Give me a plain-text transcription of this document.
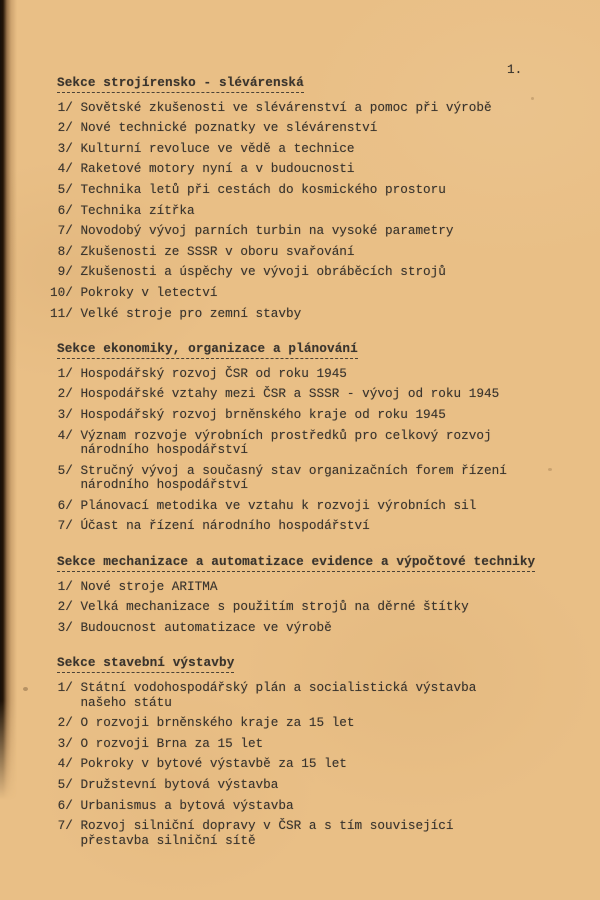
1.
Sekce strojírensko - slévárenská
1/ Sovětské zkušenosti ve slévárenství a pomoc při výrobě
2/ Nové technické poznatky ve slévárenství
3/ Kulturní revoluce ve vědě a technice
4/ Raketové motory nyní a v budoucnosti
5/ Technika letů při cestách do kosmického prostoru
6/ Technika zítřka
7/ Novodobý vývoj parních turbin na vysoké parametry
8/ Zkušenosti ze SSSR v oboru svařování
9/ Zkušenosti a úspěchy ve vývoji obráběcích strojů
10/ Pokroky v letectví
11/ Velké stroje pro zemní stavby
Sekce ekonomiky, organizace a plánování
1/ Hospodářský rozvoj ČSR od roku 1945
2/ Hospodářské vztahy mezi ČSR a SSSR - vývoj od roku 1945
3/ Hospodářský rozvoj brněnského kraje od roku 1945
4/ Význam rozvoje výrobních prostředků pro celkový rozvoj národního hospodářství
5/ Stručný vývoj a současný stav organizačních forem řízení národního hospodářství
6/ Plánovací metodika ve vztahu k rozvoji výrobních sil
7/ Účast na řízení národního hospodářství
Sekce mechanizace a automatizace evidence a výpočtové techniky
1/ Nové stroje ARITMA
2/ Velká mechanizace s použitím strojů na děrné štítky
3/ Budoucnost automatizace ve výrobě
Sekce stavební výstavby
1/ Státní vodohospodářský plán a socialistická výstavba našeho státu
2/ O rozvoji brněnského kraje za 15 let
3/ O rozvoji Brna za 15 let
4/ Pokroky v bytové výstavbě za 15 let
5/ Družstevní bytová výstavba
6/ Urbanismus a bytová výstavba
7/ Rozvoj silniční dopravy v ČSR a s tím související přestavba silniční sítě
